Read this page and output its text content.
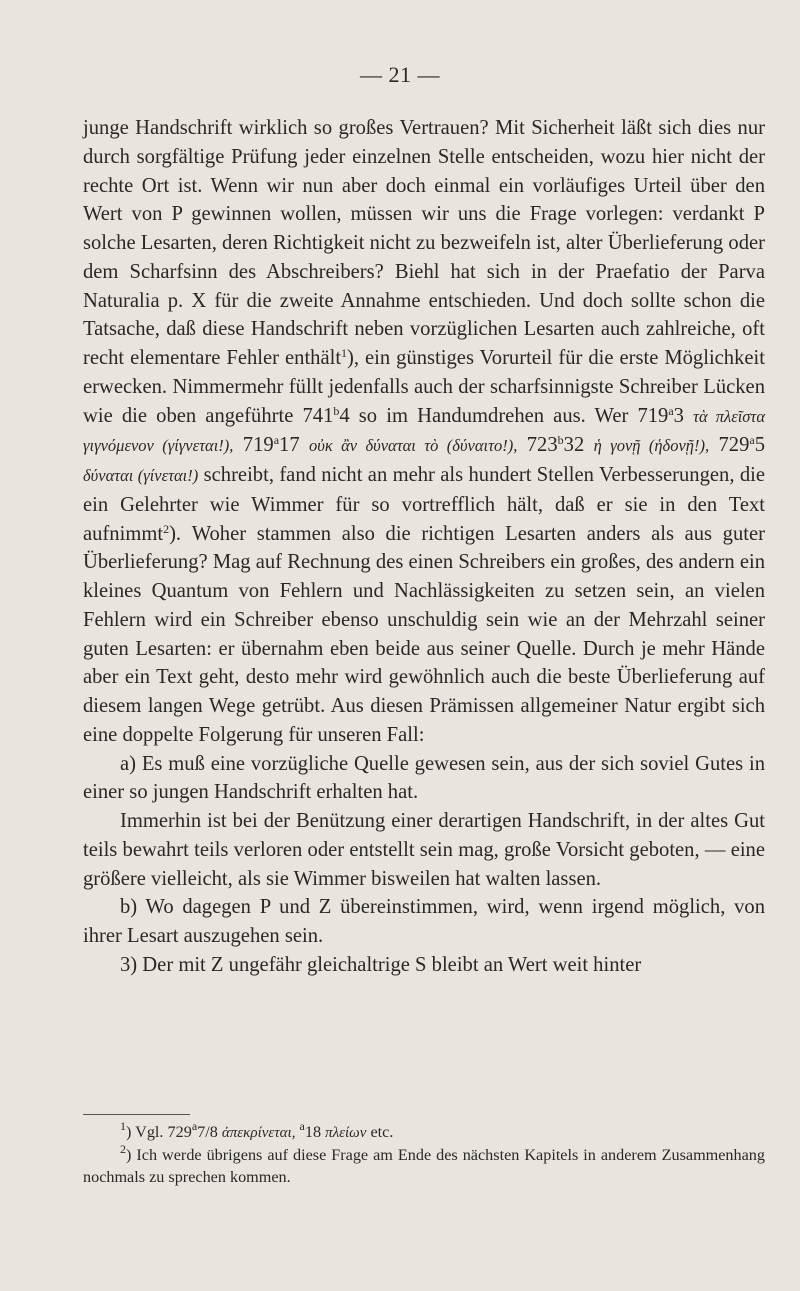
— 21 —

junge Handschrift wirklich so großes Vertrauen? Mit Sicherheit läßt sich dies nur durch sorgfältige Prüfung jeder einzelnen Stelle entscheiden, wozu hier nicht der rechte Ort ist. Wenn wir nun aber doch einmal ein vorläufiges Urteil über den Wert von P gewinnen wollen, müssen wir uns die Frage vorlegen: verdankt P solche Lesarten, deren Richtigkeit nicht zu bezweifeln ist, alter Überlieferung oder dem Scharfsinn des Abschreibers? Biehl hat sich in der Praefatio der Parva Naturalia p. X für die zweite Annahme entschieden. Und doch sollte schon die Tatsache, daß diese Handschrift neben vorzüglichen Lesarten auch zahlreiche, oft recht elementare Fehler enthält$^1$), ein günstiges Vorurteil für die erste Möglichkeit erwecken. Nimmermehr füllt jedenfalls auch der scharfsinnigste Schreiber Lücken wie die oben angeführte 741$^b$4 so im Handumdrehen aus. Wer 719$^a$3 τὰ πλεῖστα γιγνόμενον (γίγνεται!), 719$^a$17 οὐκ ἂν δύναται τὸ (δύναιτο!), 723$^b$32 ἡ γονῇ (ἡδονῇ!), 729$^a$5 δύναται (γίνεται!) schreibt, fand nicht an mehr als hundert Stellen Verbesserungen, die ein Gelehrter wie Wimmer für so vortrefflich hält, daß er sie in den Text aufnimmt$^2$). Woher stammen also die richtigen Lesarten anders als aus guter Überlieferung? Mag auf Rechnung des einen Schreibers ein großes, des andern ein kleines Quantum von Fehlern und Nachlässigkeiten zu setzen sein, an vielen Fehlern wird ein Schreiber ebenso unschuldig sein wie an der Mehrzahl seiner guten Lesarten: er übernahm eben beide aus seiner Quelle. Durch je mehr Hände aber ein Text geht, desto mehr wird gewöhnlich auch die beste Überlieferung auf diesem langen Wege getrübt. Aus diesen Prämissen allgemeiner Natur ergibt sich eine doppelte Folgerung für unseren Fall:

a) Es muß eine vorzügliche Quelle gewesen sein, aus der sich soviel Gutes in einer so jungen Handschrift erhalten hat.

Immerhin ist bei der Benützung einer derartigen Handschrift, in der altes Gut teils bewahrt teils verloren oder entstellt sein mag, große Vorsicht geboten, — eine größere vielleicht, als sie Wimmer bisweilen hat walten lassen.

b) Wo dagegen P und Z übereinstimmen, wird, wenn irgend möglich, von ihrer Lesart auszugehen sein.

3) Der mit Z ungefähr gleichaltrige S bleibt an Wert weit hinter

$^1$) Vgl. 729$^a$7/8 ἀπεκρίνεται, $^a$18 πλείων etc.

$^2$) Ich werde übrigens auf diese Frage am Ende des nächsten Kapitels in anderem Zusammenhang nochmals zu sprechen kommen.
